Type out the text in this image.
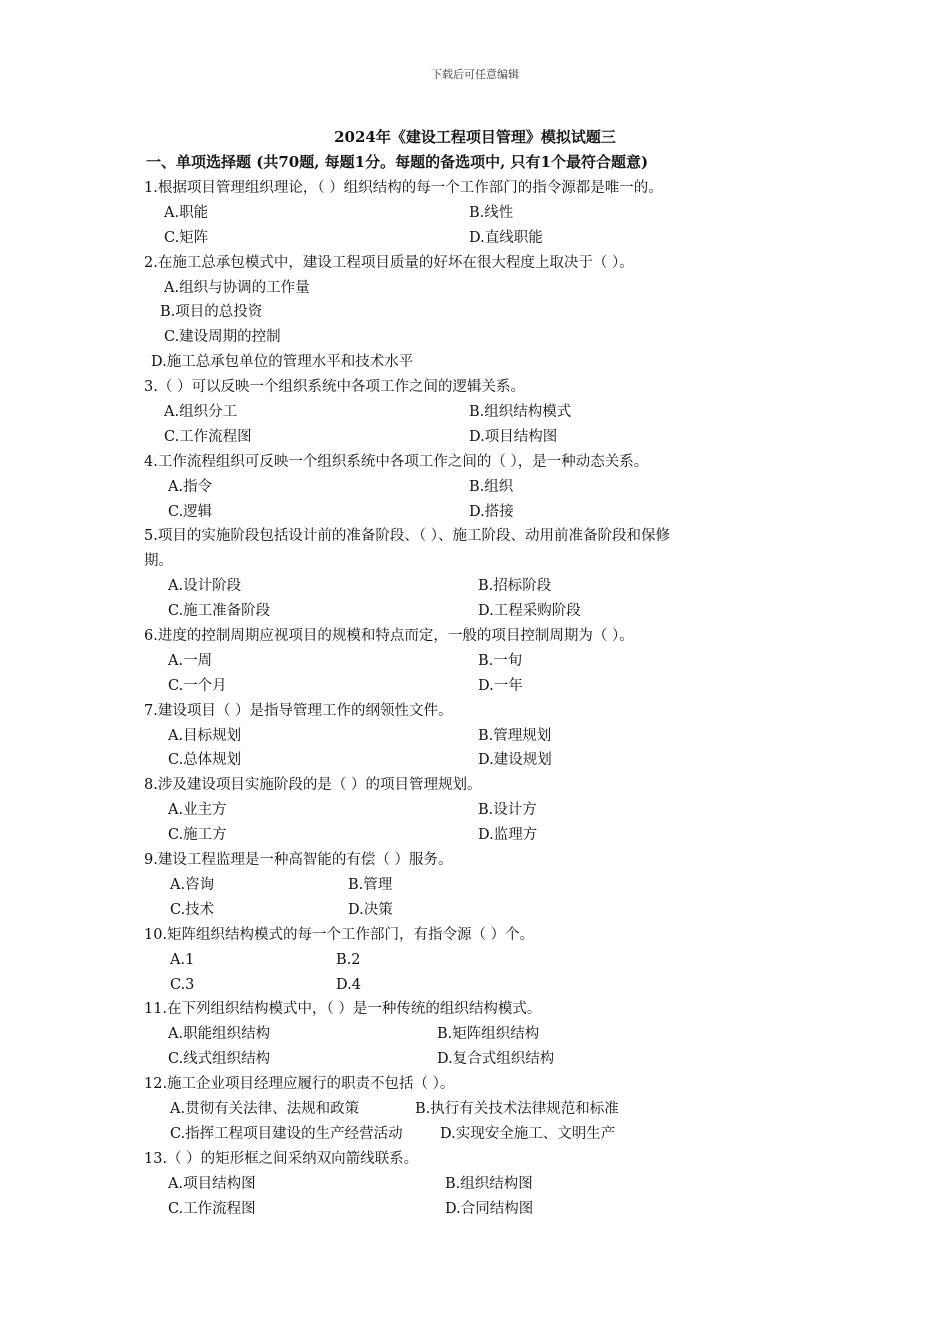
下载后可任意编辑
2024年《建设工程项目管理》模拟试题三
一、单项选择题 (共70题, 每题1分。每题的备选项中, 只有1个最符合题意)
1.根据项目管理组织理论，（ ）组织结构的每一个工作部门的指令源都是唯一的。
A.职能	B.线性
C.矩阵	D.直线职能
2.在施工总承包模式中，建设工程项目质量的好坏在很大程度上取决于（ ）。
A.组织与协调的工作量
B.项目的总投资
C.建设周期的控制
D.施工总承包单位的管理水平和技术水平
3.（ ）可以反映一个组织系统中各项工作之间的逻辑关系。
A.组织分工	B.组织结构模式
C.工作流程图	D.项目结构图
4.工作流程组织可反映一个组织系统中各项工作之间的（ ），是一种动态关系。
A.指令	B.组织
C.逻辑	D.搭接
5.项目的实施阶段包括设计前的准备阶段、（ ）、施工阶段、动用前准备阶段和保修
期。
A.设计阶段	B.招标阶段
C.施工准备阶段	D.工程采购阶段
6.进度的控制周期应视项目的规模和特点而定，一般的项目控制周期为（ ）。
A.一周	B.一旬
C.一个月	D.一年
7.建设项目（ ）是指导管理工作的纲领性文件。
A.目标规划	B.管理规划
C.总体规划	D.建设规划
8.涉及建设项目实施阶段的是（ ）的项目管理规划。
A.业主方	B.设计方
C.施工方	D.监理方
9.建设工程监理是一种高智能的有偿（ ）服务。
A.咨询	B.管理
C.技术	D.决策
10.矩阵组织结构模式的每一个工作部门，有指令源（ ）个。
A.1	B.2
C.3	D.4
11.在下列组织结构模式中，（ ）是一种传统的组织结构模式。
A.职能组织结构	B.矩阵组织结构
C.线式组织结构	D.复合式组织结构
12.施工企业项目经理应履行的职责不包括（ ）。
A.贯彻有关法律、法规和政策	B.执行有关技术法律规范和标准
C.指挥工程项目建设的生产经营活动	D.实现安全施工、文明生产
13.（ ）的矩形框之间采纳双向箭线联系。
A.项目结构图	B.组织结构图
C.工作流程图	D.合同结构图
